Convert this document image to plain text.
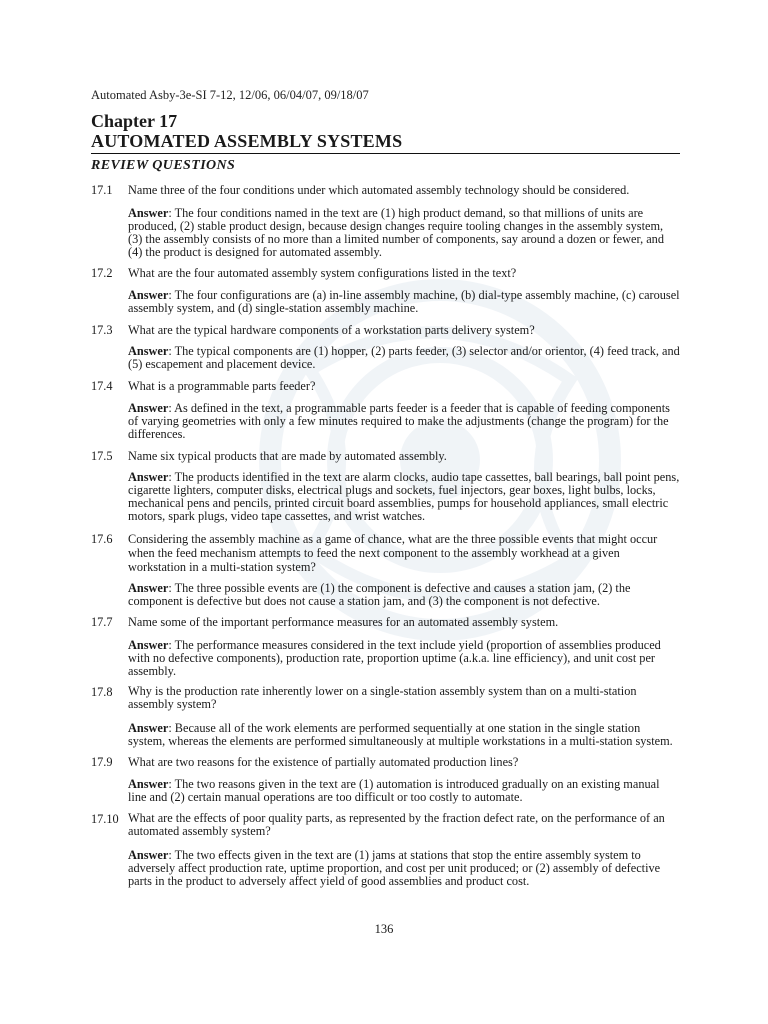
Automated Asby-3e-SI 7-12, 12/06, 06/04/07, 09/18/07
Chapter 17
AUTOMATED ASSEMBLY SYSTEMS
REVIEW QUESTIONS
17.1	Name three of the four conditions under which automated assembly technology should be considered.
Answer: The four conditions named in the text are (1) high product demand, so that millions of units are produced, (2) stable product design, because design changes require tooling changes in the assembly system, (3) the assembly consists of no more than a limited number of components, say around a dozen or fewer, and (4) the product is designed for automated assembly.
17.2	What are the four automated assembly system configurations listed in the text?
Answer: The four configurations are (a) in-line assembly machine, (b) dial-type assembly machine, (c) carousel assembly system, and (d) single-station assembly machine.
17.3	What are the typical hardware components of a workstation parts delivery system?
Answer: The typical components are (1) hopper, (2) parts feeder, (3) selector and/or orientor, (4) feed track, and (5) escapement and placement device.
17.4	What is a programmable parts feeder?
Answer: As defined in the text, a programmable parts feeder is a feeder that is capable of feeding components of varying geometries with only a few minutes required to make the adjustments (change the program) for the differences.
17.5	Name six typical products that are made by automated assembly.
Answer: The products identified in the text are alarm clocks, audio tape cassettes, ball bearings, ball point pens, cigarette lighters, computer disks, electrical plugs and sockets, fuel injectors, gear boxes, light bulbs, locks, mechanical pens and pencils, printed circuit board assemblies, pumps for household appliances, small electric motors, spark plugs, video tape cassettes, and wrist watches.
17.6	Considering the assembly machine as a game of chance, what are the three possible events that might occur when the feed mechanism attempts to feed the next component to the assembly workhead at a given workstation in a multi-station system?
Answer: The three possible events are (1) the component is defective and causes a station jam, (2) the component is defective but does not cause a station jam, and (3) the component is not defective.
17.7	Name some of the important performance measures for an automated assembly system.
Answer: The performance measures considered in the text include yield (proportion of assemblies produced with no defective components), production rate, proportion uptime (a.k.a. line efficiency), and unit cost per assembly.
17.8	Why is the production rate inherently lower on a single-station assembly system than on a multi-station assembly system?
Answer: Because all of the work elements are performed sequentially at one station in the single station system, whereas the elements are performed simultaneously at multiple workstations in a multi-station system.
17.9	What are two reasons for the existence of partially automated production lines?
Answer: The two reasons given in the text are (1) automation is introduced gradually on an existing manual line and (2) certain manual operations are too difficult or too costly to automate.
17.10 What are the effects of poor quality parts, as represented by the fraction defect rate, on the performance of an automated assembly system?
Answer: The two effects given in the text are (1) jams at stations that stop the entire assembly system to adversely affect production rate, uptime proportion, and cost per unit produced; or (2) assembly of defective parts in the product to adversely affect yield of good assemblies and product cost.
136
